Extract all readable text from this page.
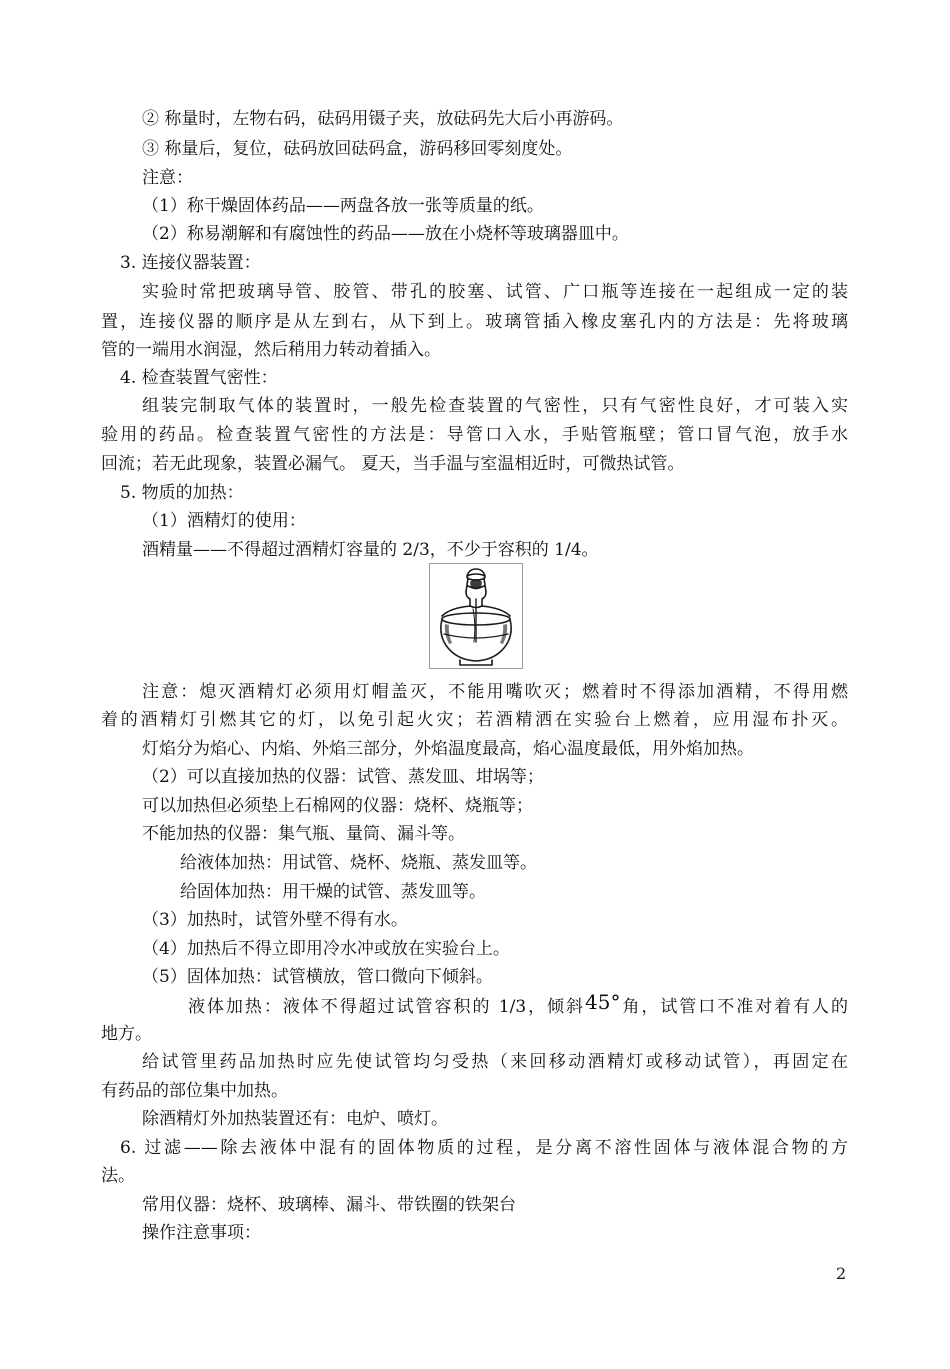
② 称量时，左物右码，砝码用镊子夹，放砝码先大后小再游码。
③ 称量后，复位，砝码放回砝码盒，游码移回零刻度处。
注意：
（1）称干燥固体药品——两盘各放一张等质量的纸。
（2）称易潮解和有腐蚀性的药品——放在小烧杯等玻璃器皿中。
3. 连接仪器装置：
实验时常把玻璃导管、胶管、带孔的胶塞、试管、广口瓶等连接在一起组成一定的装
置，连接仪器的顺序是从左到右，从下到上。玻璃管插入橡皮塞孔内的方法是：先将玻璃
管的一端用水润湿，然后稍用力转动着插入。
4. 检查装置气密性：
组装完制取气体的装置时，一般先检查装置的气密性，只有气密性良好，才可装入实
验用的药品。检查装置气密性的方法是：导管口入水，手贴管瓶壁；管口冒气泡，放手水
回流；若无此现象，装置必漏气。 夏天，当手温与室温相近时，可微热试管。
5. 物质的加热：
（1）酒精灯的使用：
酒精量——不得超过酒精灯容量的 2/3，不少于容积的 1/4。
注意：熄灭酒精灯必须用灯帽盖灭，不能用嘴吹灭；燃着时不得添加酒精，不得用燃
着的酒精灯引燃其它的灯，以免引起火灾；若酒精洒在实验台上燃着，应用湿布扑灭。
灯焰分为焰心、内焰、外焰三部分，外焰温度最高，焰心温度最低，用外焰加热。
（2）可以直接加热的仪器：试管、蒸发皿、坩埚等；
可以加热但必须垫上石棉网的仪器：烧杯、烧瓶等；
不能加热的仪器：集气瓶、量筒、漏斗等。
给液体加热：用试管、烧杯、烧瓶、蒸发皿等。
给固体加热：用干燥的试管、蒸发皿等。
（3）加热时，试管外壁不得有水。
（4）加热后不得立即用冷水冲或放在实验台上。
（5）固体加热：试管横放，管口微向下倾斜。
液体加热：液体不得超过试管容积的 1/3，倾斜45°角，试管口不准对着有人的
地方。
给试管里药品加热时应先使试管均匀受热（来回移动酒精灯或移动试管），再固定在
有药品的部位集中加热。
除酒精灯外加热装置还有：电炉、喷灯。
6. 过滤——除去液体中混有的固体物质的过程，是分离不溶性固体与液体混合物的方
法。
常用仪器：烧杯、玻璃棒、漏斗、带铁圈的铁架台
操作注意事项：
2
